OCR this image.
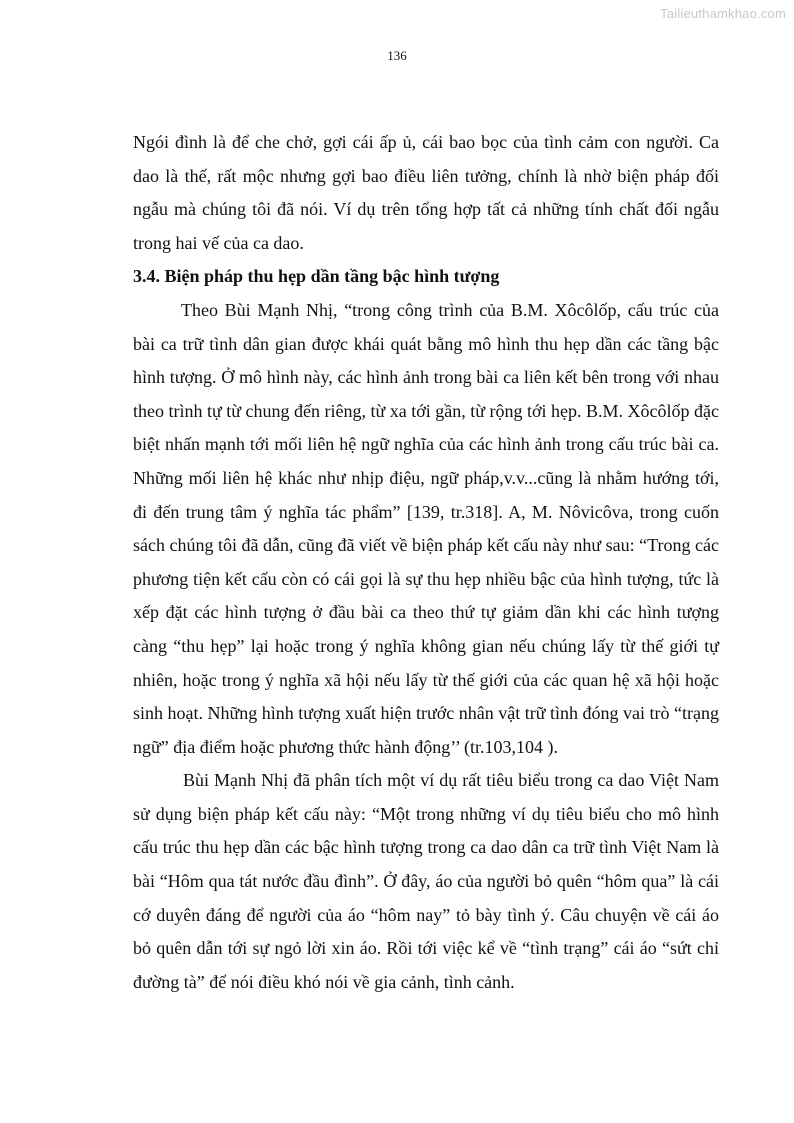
Tailieuthamkhao.com
136

Ngói đình là để che chở, gợi cái ấp ủ, cái bao bọc của tình cảm con người. Ca dao là thế, rất mộc nhưng gợi bao điều liên tưởng, chính là nhờ biện pháp đối ngẫu mà chúng tôi đã nói. Ví dụ trên tổng hợp tất cả những tính chất đối ngẫu trong hai vế của ca dao.

3.4. Biện pháp thu hẹp dần tầng bậc hình tượng

Theo Bùi Mạnh Nhị, “trong công trình của B.M. Xôcôlốp, cấu trúc của bài ca trữ tình dân gian được khái quát bằng mô hình thu hẹp dần các tầng bậc hình tượng. Ở mô hình này, các hình ảnh trong bài ca liên kết bên trong với nhau theo trình tự từ chung đến riêng, từ xa tới gần, từ rộng tới hẹp. B.M. Xôcôlốp đặc biệt nhấn mạnh tới mối liên hệ ngữ nghĩa của các hình ảnh trong cấu trúc bài ca. Những mối liên hệ khác như nhịp điệu, ngữ pháp,v.v...cũng là nhằm hướng tới, đi đến trung tâm ý nghĩa tác phẩm” [139, tr.318]. A, M. Nôvicôva, trong cuốn sách chúng tôi đã dẫn, cũng đã viết về biện pháp kết cấu này như sau: “Trong các phương tiện kết cấu còn có cái gọi là sự thu hẹp nhiều bậc của hình tượng, tức là xếp đặt các hình tượng ở đầu bài ca theo thứ tự giảm dần khi các hình tượng càng “thu hẹp” lại hoặc trong ý nghĩa không gian nếu chúng lấy từ thế giới tự nhiên, hoặc trong ý nghĩa xã hội nếu lấy từ thế giới của các quan hệ xã hội hoặc sinh hoạt. Những hình tượng xuất hiện trước nhân vật trữ tình đóng vai trò “trạng ngữ” địa điểm hoặc phương thức hành động’’ (tr.103,104 ).

Bùi Mạnh Nhị đã phân tích một ví dụ rất tiêu biểu trong ca dao Việt Nam sử dụng biện pháp kết cấu này: “Một trong những ví dụ tiêu biểu cho mô hình cấu trúc thu hẹp dần các bậc hình tượng trong ca dao dân ca trữ tình Việt Nam là bài “Hôm qua tát nước đầu đình”. Ở đây, áo của người bỏ quên “hôm qua” là cái cớ duyên đáng để người của áo “hôm nay” tỏ bày tình ý. Câu chuyện về cái áo bỏ quên dẫn tới sự ngỏ lời xin áo. Rồi tới việc kể về “tình trạng” cái áo “sứt chỉ đường tà” để nói điều khó nói về gia cảnh, tình cảnh.
